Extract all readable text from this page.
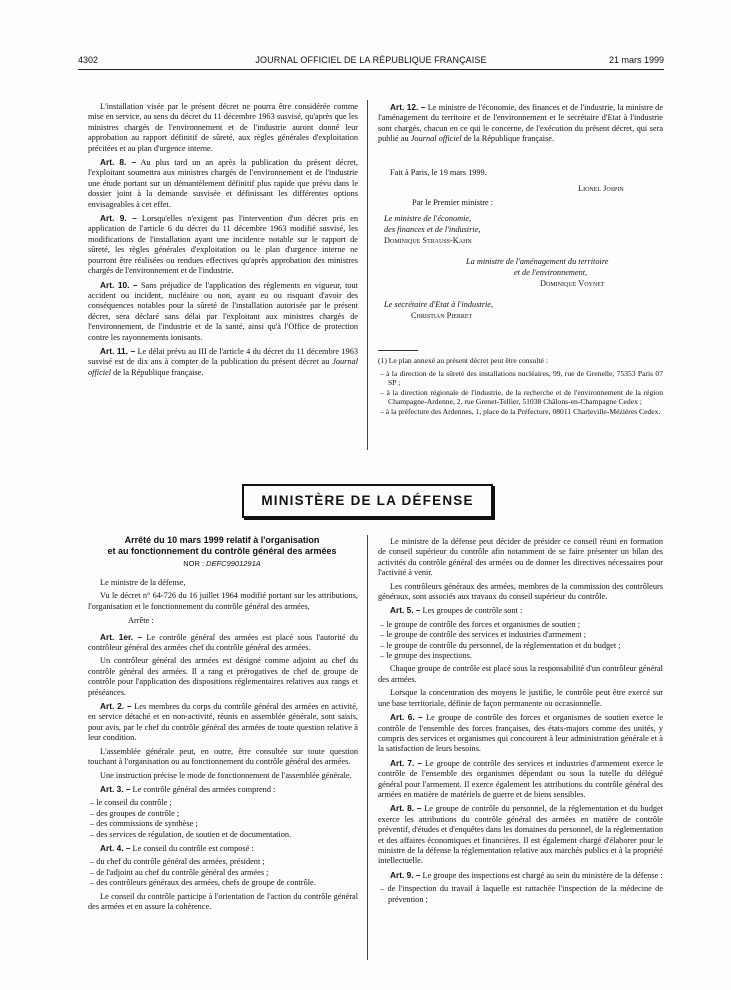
4302	JOURNAL OFFICIEL DE LA RÉPUBLIQUE FRANÇAISE	21 mars 1999

L'installation visée par le présent décret ne pourra être considérée comme mise en service, au sens du décret du 11 décembre 1963 susvisé, qu'après que les ministres chargés de l'environnement et de l'industrie auront donné leur approbation au rapport définitif de sûreté, aux règles générales d'exploitation précitées et au plan d'urgence interne.

Art. 8. – Au plus tard un an après la publication du présent décret, l'exploitant soumettra aux ministres chargés de l'environnement et de l'industrie une étude portant sur un démantèlement définitif plus rapide que prévu dans le dossier joint à la demande susvisée et définissant les différentes options envisageables à cet effet.

Art. 9. – Lorsqu'elles n'exigent pas l'intervention d'un décret pris en application de l'article 6 du décret du 11 décembre 1963 modifié susvisé, les modifications de l'installation ayant une incidence notable sur le rapport de sûreté, les règles générales d'exploitation ou le plan d'urgence interne ne pourront être réalisées ou rendues effectives qu'après approbation des ministres chargés de l'environnement et de l'industrie.

Art. 10. – Sans préjudice de l'application des règlements en vigueur, tout accident ou incident, nucléaire ou non, ayant eu ou risquant d'avoir des conséquences notables pour la sûreté de l'installation autorisée par le présent décret, sera déclaré sans délai par l'exploitant aux ministres chargés de l'environnement, de l'industrie et de la santé, ainsi qu'à l'Office de protection contre les rayonnements ionisants.

Art. 11. – Le délai prévu au III de l'article 4 du décret du 11 décembre 1963 susvisé est de dix ans à compter de la publication du présent décret au Journal officiel de la République française.

Art. 12. – Le ministre de l'économie, des finances et de l'industrie, la ministre de l'aménagement du territoire et de l'environnement et le secrétaire d'Etat à l'industrie sont chargés, chacun en ce qui le concerne, de l'exécution du présent décret, qui sera publié au Journal officiel de la République française.

Fait à Paris, le 19 mars 1999.
Lionel Jospin
Par le Premier ministre :
Le ministre de l'économie,
des finances et de l'industrie,
Dominique Strauss-Kahn
La ministre de l'aménagement du territoire
et de l'environnement,
Dominique Voynet
Le secrétaire d'Etat à l'industrie,
Christian Pierret

(1) Le plan annexé au présent décret peut être consulté :

– à la direction de la sûreté des installations nucléaires, 99, rue de Grenelle, 75353 Paris 07 SP ;
– à la direction régionale de l'industrie, de la recherche et de l'environnement de la région Champagne-Ardenne, 2, rue Grenet-Tellier, 51038 Châlons-en-Champagne Cedex ;
– à la préfecture des Ardennes, 1, place de la Préfecture, 08011 Charleville-Mézières Cedex.
MINISTÈRE DE LA DÉFENSE
Arrêté du 10 mars 1999 relatif à l'organisation
et au fonctionnement du contrôle général des armées
NOR : DEFC9901291A

Le ministre de la défense,

Vu le décret n° 64-726 du 16 juillet 1964 modifié portant sur les attributions, l'organisation et le fonctionnement du contrôle général des armées,

Arrête :

Art. 1er. – Le contrôle général des armées est placé sous l'autorité du contrôleur général des armées chef du contrôle général des armées.

Un contrôleur général des armées est désigné comme adjoint au chef du contrôle général des armées. Il a rang et prérogatives de chef de groupe de contrôle pour l'application des dispositions réglementaires relatives aux rangs et préséances.

Art. 2. – Les membres du corps du contrôle général des armées en activité, en service détaché et en non-activité, réunis en assemblée générale, sont saisis, pour avis, par le chef du contrôle général des armées de toute question relative à leur condition.

L'assemblée générale peut, en outre, être consultée sur toute question touchant à l'organisation ou au fonctionnement du contrôle général des armées.

Une instruction précise le mode de fonctionnement de l'assemblée générale.

Art. 3. – Le contrôle général des armées comprend :

– le conseil du contrôle ;
– des groupes de contrôle ;
– des commissions de synthèse ;
– des services de régulation, de soutien et de documentation.

Art. 4. – Le conseil du contrôle est composé :

– du chef du contrôle général des armées, président ;
– de l'adjoint au chef du contrôle général des armées ;
– des contrôleurs généraux des armées, chefs de groupe de contrôle.

Le conseil du contrôle participe à l'orientation de l'action du contrôle général des armées et en assure la cohérence.

Le ministre de la défense peut décider de présider ce conseil réuni en formation de conseil supérieur du contrôle afin notamment de se faire présenter un bilan des activités du contrôle général des armées ou de donner les directives nécessaires pour l'activité à venir.

Les contrôleurs généraux des armées, membres de la commission des contrôleurs généraux, sont associés aux travaux du conseil supérieur du contrôle.

Art. 5. – Les groupes de contrôle sont :

– le groupe de contrôle des forces et organismes de soutien ;
– le groupe de contrôle des services et industries d'armement ;
– le groupe de contrôle du personnel, de la réglementation et du budget ;
– le groupe des inspections.

Chaque groupe de contrôle est placé sous la responsabilité d'un contrôleur général des armées.

Lorsque la concentration des moyens le justifie, le contrôle peut être exercé sur une base territoriale, définie de façon permanente ou occasionnelle.

Art. 6. – Le groupe de contrôle des forces et organismes de soutien exerce le contrôle de l'ensemble des forces françaises, des états-majors comme des unités, y compris des services et organismes qui concourent à leur administration générale et à la satisfaction de leurs besoins.

Art. 7. – Le groupe de contrôle des services et industries d'armement exerce le contrôle de l'ensemble des organismes dépendant ou sous la tutelle du délégué général pour l'armement. Il exerce également les attributions du contrôle général des armées en matière de matériels de guerre et de biens sensibles.

Art. 8. – Le groupe de contrôle du personnel, de la réglementation et du budget exerce les attributions du contrôle général des armées en matière de contrôle préventif, d'études et d'enquêtes dans les domaines du personnel, de la réglementation et des affaires économiques et financières. Il est également chargé d'élaborer pour le ministre de la défense la réglementation relative aux marchés publics et à la propriété intellectuelle.

Art. 9. – Le groupe des inspections est chargé au sein du ministère de la défense :

– de l'inspection du travail à laquelle est rattachée l'inspection de la médecine de prévention ;
